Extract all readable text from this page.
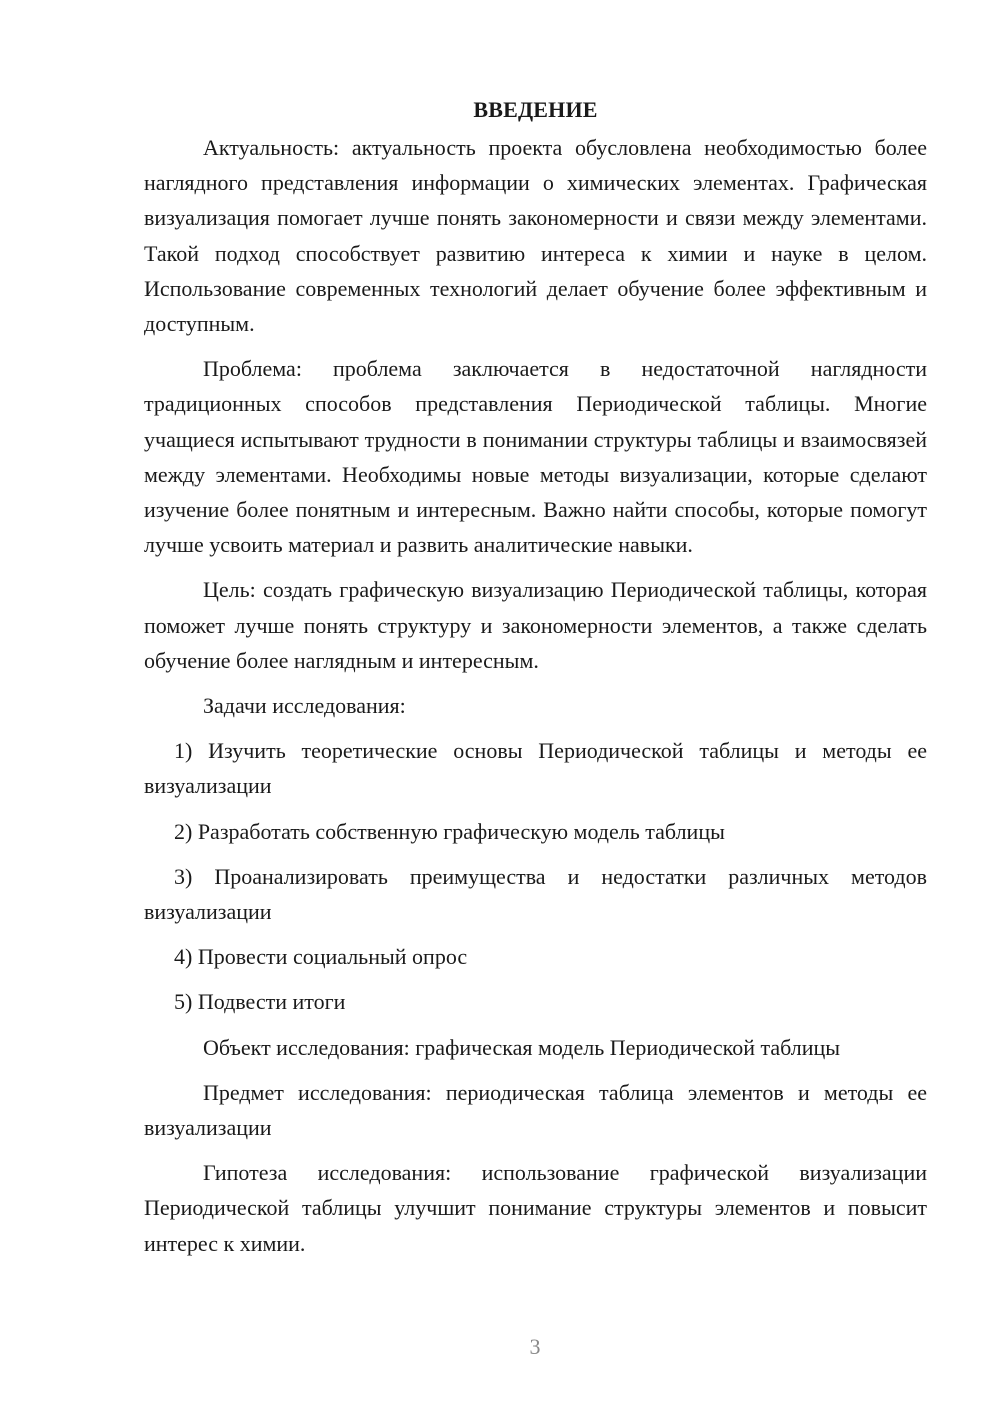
ВВЕДЕНИЕ

Актуальность: актуальность проекта обусловлена необходимостью более наглядного представления информации о химических элементах. Графическая визуализация помогает лучше понять закономерности и связи между элементами. Такой подход способствует развитию интереса к химии и науке в целом. Использование современных технологий делает обучение более эффективным и доступным.

Проблема: проблема заключается в недостаточной наглядности традиционных способов представления Периодической таблицы. Многие учащиеся испытывают трудности в понимании структуры таблицы и взаимосвязей между элементами. Необходимы новые методы визуализации, которые сделают изучение более понятным и интересным. Важно найти способы, которые помогут лучше усвоить материал и развить аналитические навыки.

Цель: создать графическую визуализацию Периодической таблицы, которая поможет лучше понять структуру и закономерности элементов, а также сделать обучение более наглядным и интересным.

Задачи исследования:

1) Изучить теоретические основы Периодической таблицы и методы ее визуализации

2) Разработать собственную графическую модель таблицы

3) Проанализировать преимущества и недостатки различных методов визуализации

4) Провести социальный опрос

5) Подвести итоги

Объект исследования: графическая модель Периодической таблицы

Предмет исследования: периодическая таблица элементов и методы ее визуализации

Гипотеза исследования: использование графической визуализации Периодической таблицы улучшит понимание структуры элементов и повысит интерес к химии.

3
